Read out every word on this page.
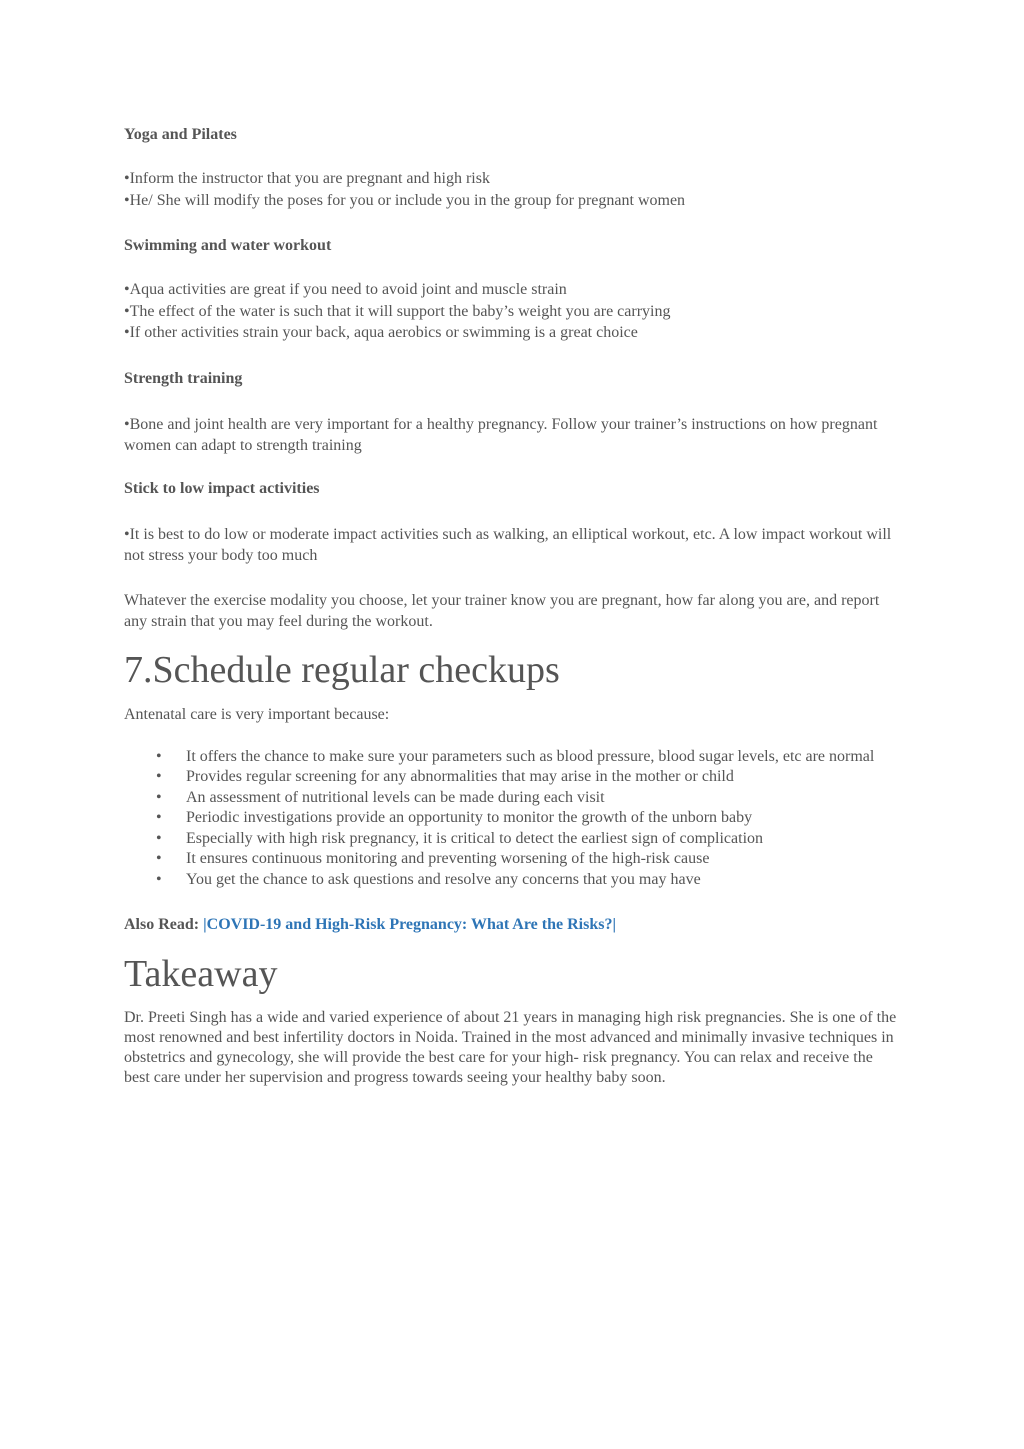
Yoga and Pilates

•Inform the instructor that you are pregnant and high risk

•He/ She will modify the poses for you or include you in the group for pregnant women

Swimming and water workout

•Aqua activities are great if you need to avoid joint and muscle strain

•The effect of the water is such that it will support the baby’s weight you are carrying

•If other activities strain your back, aqua aerobics or swimming is a great choice

Strength training

•Bone and joint health are very important for a healthy pregnancy. Follow your trainer’s instructions on how pregnant women can adapt to strength training

Stick to low impact activities

•It is best to do low or moderate impact activities such as walking, an elliptical workout, etc. A low impact workout will not stress your body too much

Whatever the exercise modality you choose, let your trainer know you are pregnant, how far along you are, and report any strain that you may feel during the workout.

7.Schedule regular checkups

Antenatal care is very important because:

• It offers the chance to make sure your parameters such as blood pressure, blood sugar levels, etc are normal
• Provides regular screening for any abnormalities that may arise in the mother or child
• An assessment of nutritional levels can be made during each visit
• Periodic investigations provide an opportunity to monitor the growth of the unborn baby
• Especially with high risk pregnancy, it is critical to detect the earliest sign of complication
• It ensures continuous monitoring and preventing worsening of the high-risk cause
• You get the chance to ask questions and resolve any concerns that you may have

Also Read: |COVID-19 and High-Risk Pregnancy: What Are the Risks?|

Takeaway

Dr. Preeti Singh has a wide and varied experience of about 21 years in managing high risk pregnancies. She is one of the most renowned and best infertility doctors in Noida. Trained in the most advanced and minimally invasive techniques in obstetrics and gynecology, she will provide the best care for your high- risk pregnancy. You can relax and receive the best care under her supervision and progress towards seeing your healthy baby soon.
